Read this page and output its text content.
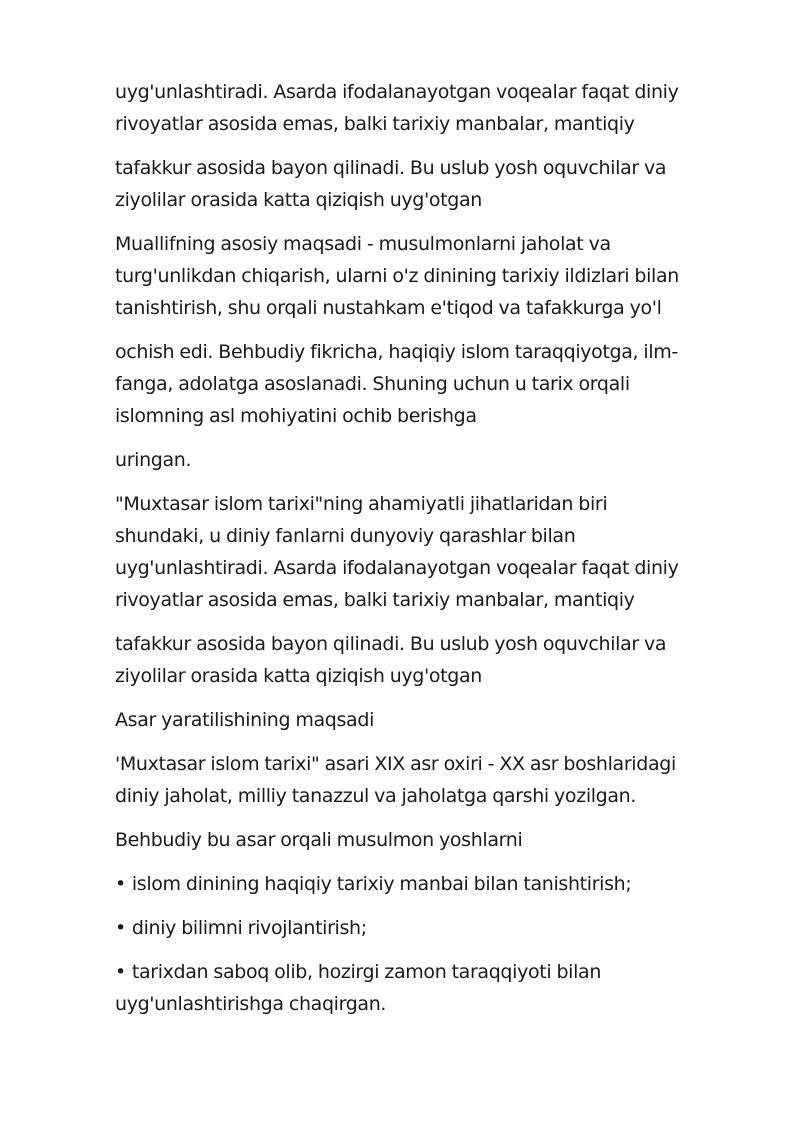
uyg'unlashtiradi. Asarda ifodalanayotgan voqealar faqat diniy
rivoyatlar asosida emas, balki tarixiy manbalar, mantiqiy
tafakkur asosida bayon qilinadi. Bu uslub yosh oquvchilar va
ziyolilar orasida katta qiziqish uyg'otgan
Muallifning asosiy maqsadi - musulmonlarni jaholat va
turg'unlikdan chiqarish, ularni o'z dinining tarixiy ildizlari bilan
tanishtirish, shu orqali nustahkam e'tiqod va tafakkurga yo'l
ochish edi. Behbudiy fikricha, haqiqiy islom taraqqiyotga, ilm-
fanga, adolatga asoslanadi. Shuning uchun u tarix orqali
islomning asl mohiyatini ochib berishga
uringan.
"Muxtasar islom tarixi"ning ahamiyatli jihatlaridan biri
shundaki, u diniy fanlarni dunyoviy qarashlar bilan
uyg'unlashtiradi. Asarda ifodalanayotgan voqealar faqat diniy
rivoyatlar asosida emas, balki tarixiy manbalar, mantiqiy
tafakkur asosida bayon qilinadi. Bu uslub yosh oquvchilar va
ziyolilar orasida katta qiziqish uyg'otgan
Asar yaratilishining maqsadi
'Muxtasar islom tarixi" asari XIX asr oxiri - XX asr boshlaridagi
diniy jaholat, milliy tanazzul va jaholatga qarshi yozilgan.
Behbudiy bu asar orqali musulmon yoshlarni
• islom dinining haqiqiy tarixiy manbai bilan tanishtirish;
• diniy bilimni rivojlantirish;
• tarixdan saboq olib, hozirgi zamon taraqqiyoti bilan
uyg'unlashtirishga chaqirgan.
